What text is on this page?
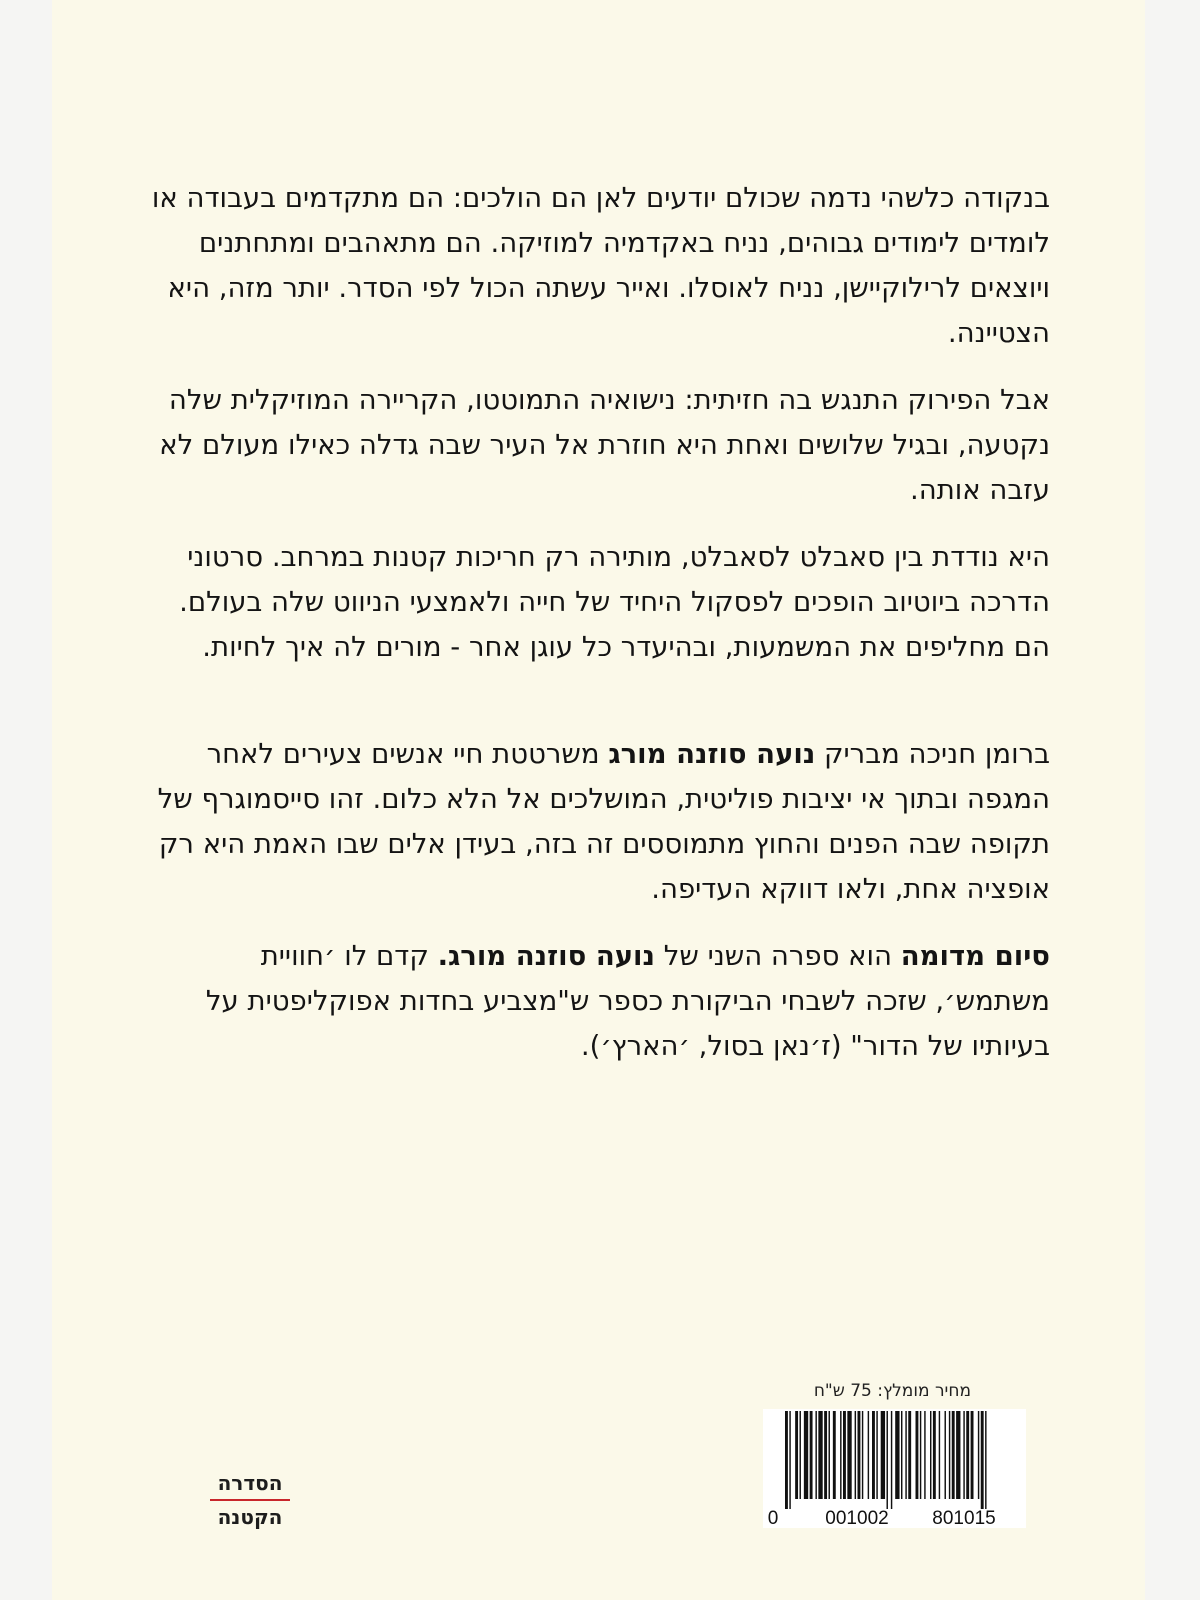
בנקודה כלשהי נדמה שכולם יודעים לאן הם הולכים: הם מתקדמים בעבודה או לומדים לימודים גבוהים, נניח באקדמיה למוזיקה. הם מתאהבים ומתחתנים ויוצאים לרילוקיישן, נניח לאוסלו. ואייר עשתה הכול לפי הסדר. יותר מזה, היא הצטיינה.

אבל הפירוק התנגש בה חזיתית: נישואיה התמוטטו, הקריירה המוזיקלית שלה נקטעה, ובגיל שלושים ואחת היא חוזרת אל העיר שבה גדלה כאילו מעולם לא עזבה אותה.

היא נודדת בין סאבלט לסאבלט, מותירה רק חריכות קטנות במרחב. סרטוני הדרכה ביוטיוב הופכים לפסקול היחיד של חייה ולאמצעי הניווט שלה בעולם. הם מחליפים את המשמעות, ובהיעדר כל עוגן אחר - מורים לה איך לחיות.

ברומן חניכה מבריק נועה סוזנה מורג משרטטת חיי אנשים צעירים לאחר המגפה ובתוך אי יציבות פוליטית, המושלכים אל הלא כלום. זהו סייסמוגרף של תקופה שבה הפנים והחוץ מתמוססים זה בזה, בעידן אלים שבו האמת היא רק אופציה אחת, ולאו דווקא העדיפה.

סיום מדומה הוא ספרה השני של נועה סוזנה מורג. קדם לו ׳חוויית משתמש׳, שזכה לשבחי הביקורת כספר ש"מצביע בחדות אפוקליפטית על בעיותיו של הדור" (ז׳נאן בסול, ׳הארץ׳).

מחיר מומלץ: 75 ש"ח
0 001002 801015
הסדרה
הקטנה
